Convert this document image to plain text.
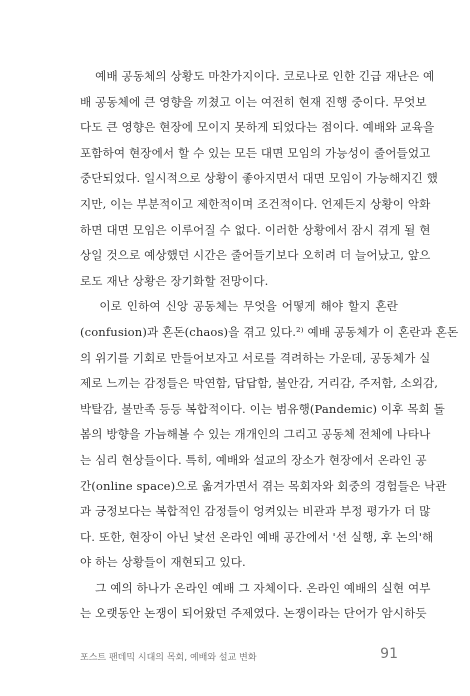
예배 공동체의 상황도 마찬가지이다. 코로나로 인한 긴급 재난은 예
배 공동체에 큰 영향을 끼쳤고 이는 여전히 현재 진행 중이다. 무엇보
다도 큰 영향은 현장에 모이지 못하게 되었다는 점이다. 예배와 교육을
포함하여 현장에서 할 수 있는 모든 대면 모임의 가능성이 줄어들었고
중단되었다. 일시적으로 상황이 좋아지면서 대면 모임이 가능해지긴 했
지만, 이는 부분적이고 제한적이며 조건적이다. 언제든지 상황이 악화
하면 대면 모임은 이루어질 수 없다. 이러한 상황에서 잠시 겪게 될 현
상일 것으로 예상했던 시간은 줄어들기보다 오히려 더 늘어났고, 앞으
로도 재난 상황은 장기화할 전망이다.
이로 인하여 신앙 공동체는 무엇을 어떻게 해야 할지 혼란
(confusion)과 혼돈(chaos)을 겪고 있다.²⁾ 예배 공동체가 이 혼란과 혼돈
의 위기를 기회로 만들어보자고 서로를 격려하는 가운데, 공동체가 실
제로 느끼는 감정들은 막연함, 답답함, 불안감, 거리감, 주저함, 소외감,
박탈감, 불만족 등등 복합적이다. 이는 범유행(Pandemic) 이후 목회 돌
봄의 방향을 가늠해볼 수 있는 개개인의 그리고 공동체 전체에 나타나
는 심리 현상들이다. 특히, 예배와 설교의 장소가 현장에서 온라인 공
간(online space)으로 옮겨가면서 겪는 목회자와 회중의 경험들은 낙관
과 긍정보다는 복합적인 감정들이 엉켜있는 비관과 부정 평가가 더 많
다. 또한, 현장이 아닌 낯선 온라인 예배 공간에서 '선 실행, 후 논의'해
야 하는 상황들이 재현되고 있다.
그 예의 하나가 온라인 예배 그 자체이다. 온라인 예배의 실현 여부
는 오랫동안 논쟁이 되어왔던 주제였다. 논쟁이라는 단어가 암시하듯
포스트 팬데믹 시대의 목회, 예배와 설교 변화	91
